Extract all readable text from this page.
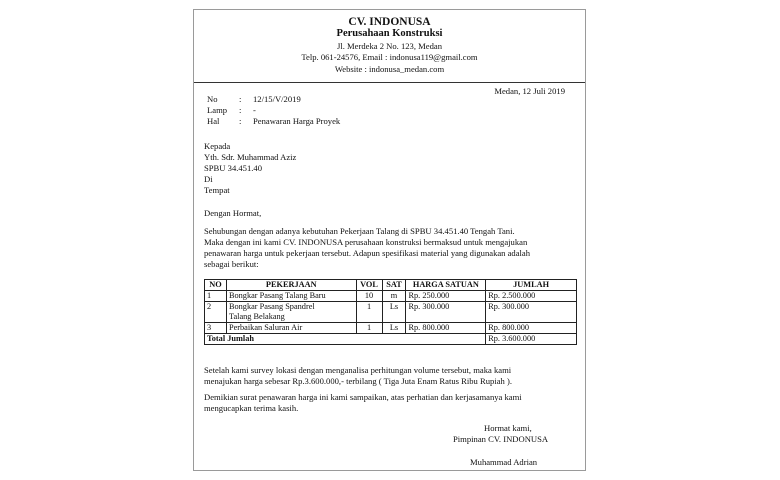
CV. INDONUSA
Perusahaan Konstruksi
Jl. Merdeka 2 No. 123, Medan
Telp. 061-24576, Email : indonusa119@gmail.com
Website : indonusa_medan.com
Medan, 12 Juli 2019
No : 12/15/V/2019
Lamp : -
Hal : Penawaran Harga Proyek
Kepada
Yth. Sdr. Muhammad Aziz
SPBU 34.451.40
Di
Tempat
Dengan Hormat,
Sehubungan dengan adanya kebutuhan Pekerjaan Talang di SPBU 34.451.40 Tengah Tani.
Maka dengan ini kami CV. INDONUSA perusahaan konstruksi bermaksud untuk mengajukan
penawaran harga untuk pekerjaan tersebut. Adapun spesifikasi material yang digunakan adalah
sebagai berikut:
NO	PEKERJAAN	VOL	SAT	HARGA SATUAN	JUMLAH
1	Bongkar Pasang Talang Baru	10	m	Rp. 250.000	Rp. 2.500.000
2	Bongkar Pasang Spandrel
Talang Belakang	1	Ls	Rp. 300.000	Rp. 300.000
3	Perbaikan Saluran Air	1	Ls	Rp. 800.000	Rp. 800.000
Total Jumlah					Rp. 3.600.000
Setelah kami survey lokasi dengan menganalisa perhitungan volume tersebut, maka kami
menajukan harga sebesar Rp.3.600.000,- terbilang ( Tiga Juta Enam Ratus Ribu Rupiah ).
Demikian surat penawaran harga ini kami sampaikan, atas perhatian dan kerjasamanya kami
mengucapkan terima kasih.
Hormat kami,
Pimpinan CV. INDONUSA
Muhammad Adrian
